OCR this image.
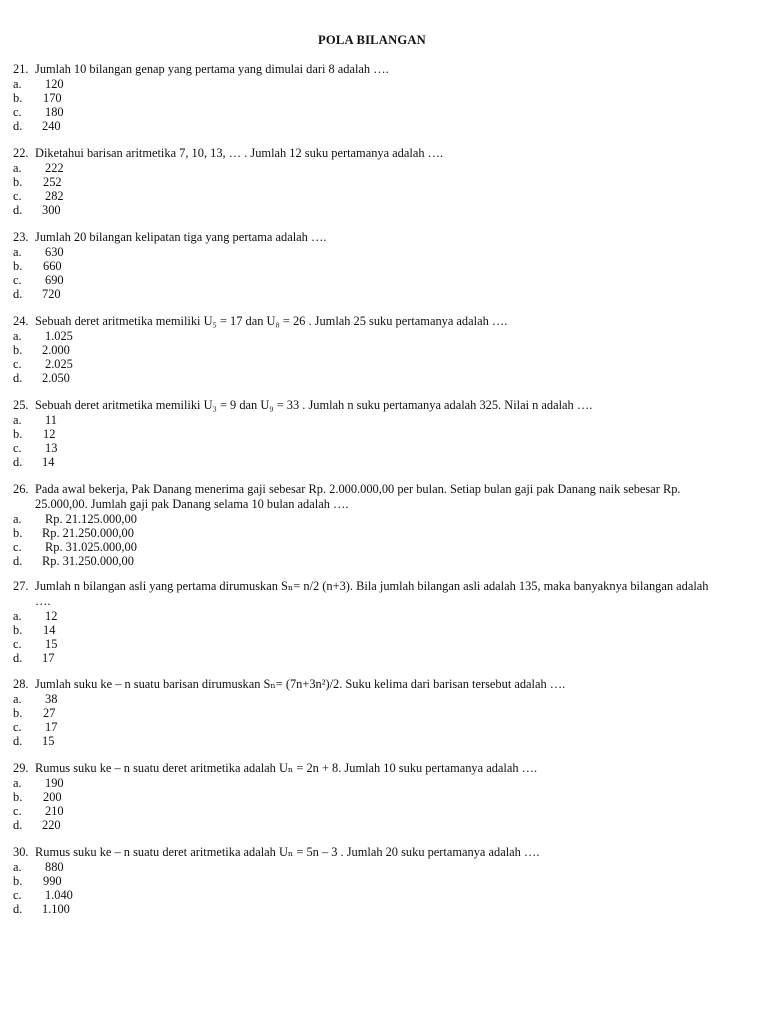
POLA BILANGAN
21. Jumlah 10 bilangan genap yang pertama yang dimulai dari 8 adalah ….
a.	120
b.	170
c.	180
d.	240
22. Diketahui barisan aritmetika 7, 10, 13, … . Jumlah 12 suku pertamanya adalah ….
a.	222
b.	252
c.	282
d.	300
23. Jumlah 20 bilangan kelipatan tiga yang pertama adalah ….
a.	630
b.	660
c.	690
d.	720
24. Sebuah deret aritmetika memiliki U₅ = 17 dan U₈ = 26 . Jumlah 25 suku pertamanya adalah ….
a.	1.025
b.	2.000
c.	2.025
d.	2.050
25. Sebuah deret aritmetika memiliki U₃ = 9 dan U₉ = 33 . Jumlah n suku pertamanya adalah 325. Nilai n adalah ….
a.	11
b.	12
c.	13
d.	14
26. Pada awal bekerja, Pak Danang menerima gaji sebesar Rp. 2.000.000,00 per bulan. Setiap bulan gaji pak Danang naik sebesar Rp. 25.000,00. Jumlah gaji pak Danang selama 10 bulan adalah ….
a.	Rp. 21.125.000,00
b.	Rp. 21.250.000,00
c.	Rp. 31.025.000,00
d.	Rp. 31.250.000,00
27. Jumlah n bilangan asli yang pertama dirumuskan Sₙ= n/2 (n+3). Bila jumlah bilangan asli adalah 135, maka banyaknya bilangan adalah ….
a.	12
b.	14
c.	15
d.	17
28. Jumlah suku ke – n suatu barisan dirumuskan Sₙ= (7n+3n²)/2. Suku kelima dari barisan tersebut adalah ….
a.	38
b.	27
c.	17
d.	15
29. Rumus suku ke – n suatu deret aritmetika adalah Uₙ = 2n + 8. Jumlah 10 suku pertamanya adalah ….
a.	190
b.	200
c.	210
d.	220
30. Rumus suku ke – n suatu deret aritmetika adalah Uₙ = 5n – 3 . Jumlah 20 suku pertamanya adalah ….
a.	880
b.	990
c.	1.040
d.	1.100
